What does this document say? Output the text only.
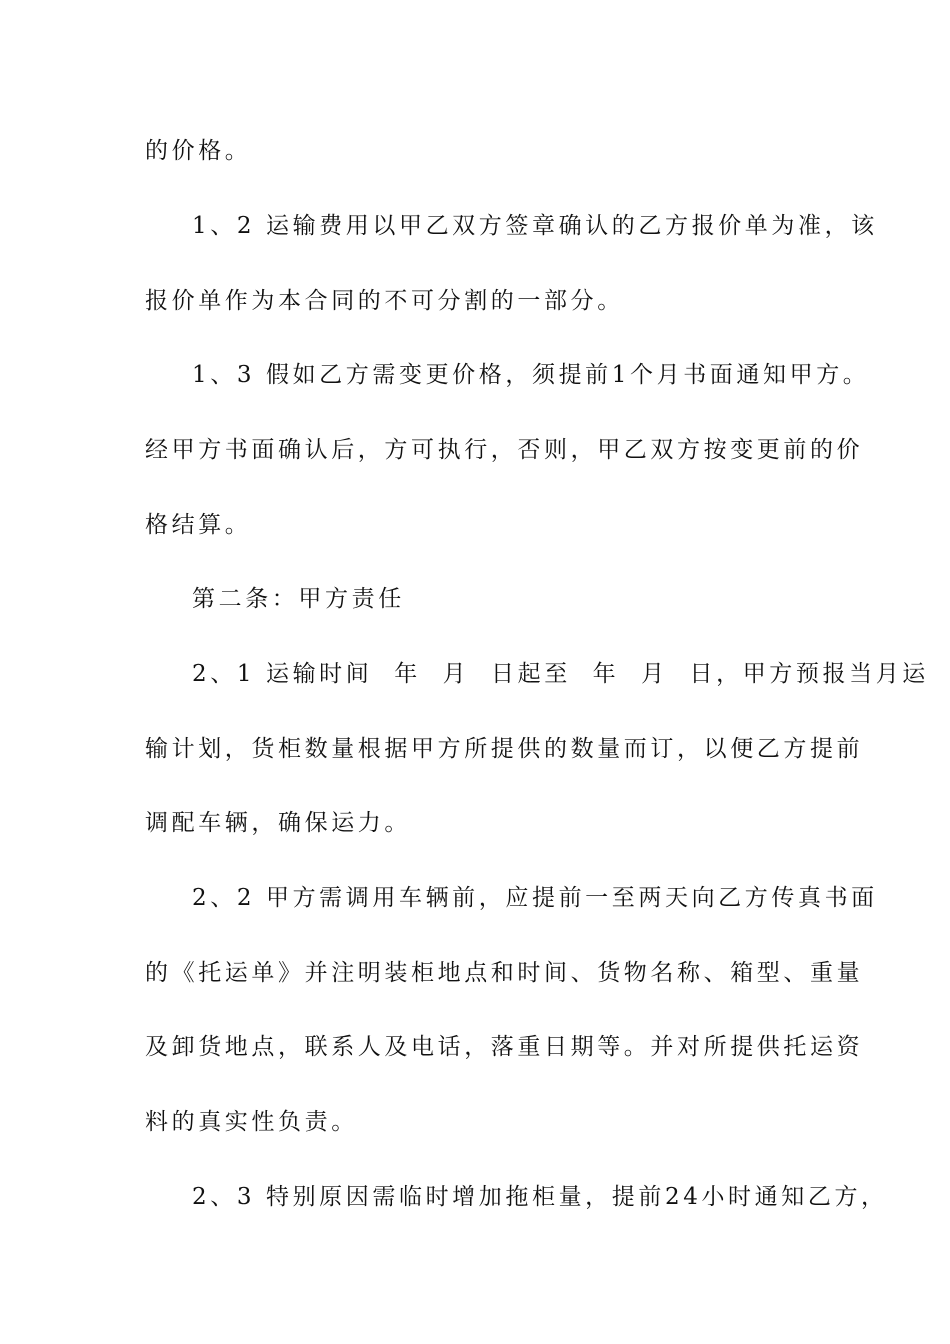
的价格。
1、2 运输费用以甲乙双方签章确认的乙方报价单为准，该
报价单作为本合同的不可分割的一部分。
1、3 假如乙方需变更价格，须提前1个月书面通知甲方。
经甲方书面确认后，方可执行，否则，甲乙双方按变更前的价
格结算。
第二条：甲方责任
2、1 运输时间  年  月  日起至  年  月  日，甲方预报当月运
输计划，货柜数量根据甲方所提供的数量而订，以便乙方提前
调配车辆，确保运力。
2、2 甲方需调用车辆前，应提前一至两天向乙方传真书面
的《托运单》并注明装柜地点和时间、货物名称、箱型、重量
及卸货地点，联系人及电话，落重日期等。并对所提供托运资
料的真实性负责。
2、3 特别原因需临时增加拖柜量，提前24小时通知乙方，
